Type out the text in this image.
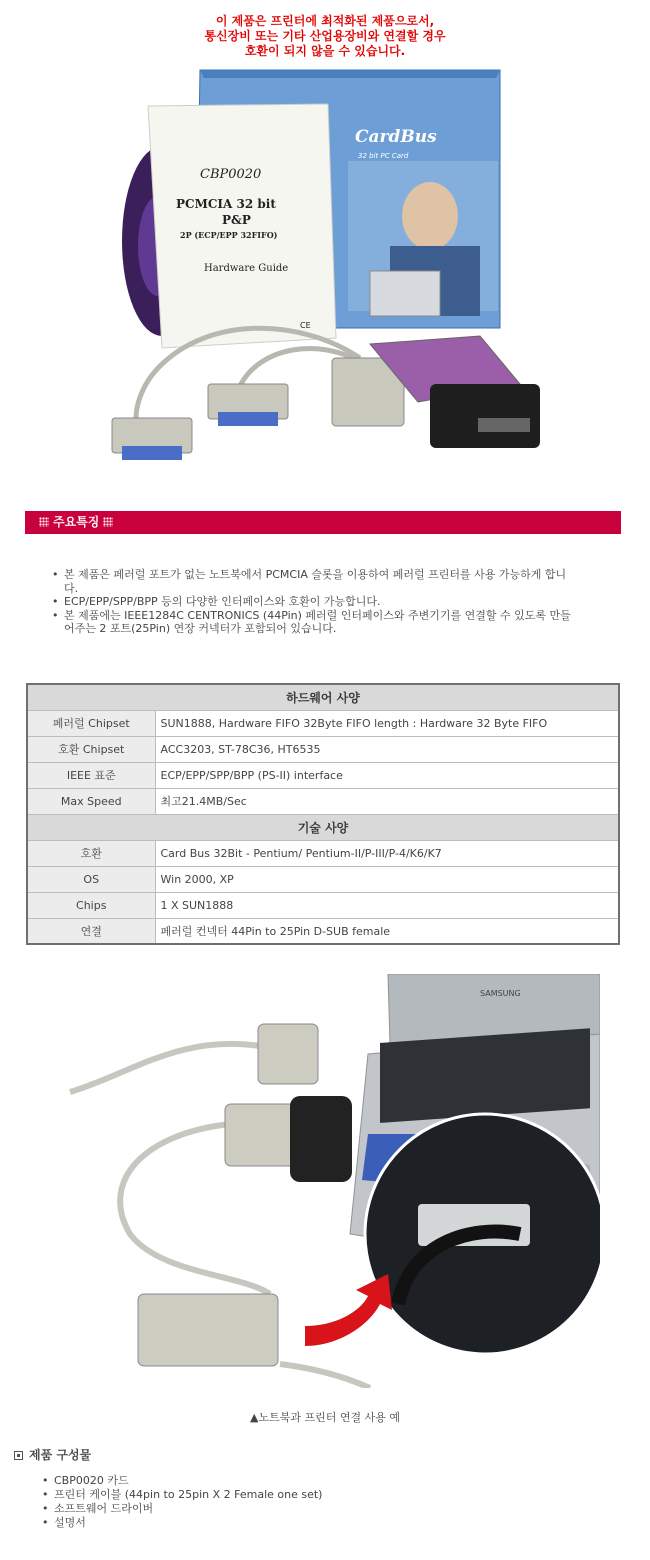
이 제품은 프린터에 최적화된 제품으로서,
통신장비 또는 기타 산업용장비와 연결할 경우
호환이 되지 않을 수 있습니다.
CardBus
32 bit PC Card
CBP0020
PCMCIA 32 bit
P&P
2P (ECP/EPP 32FIFO)
Hardware Guide
CE
주요특징
• 본 제품은 페러럴 포트가 없는 노트북에서 PCMCIA 슬롯을 이용하여 페러럴 프린터를 사용 가능하게 합니다.
• ECP/EPP/SPP/BPP 등의 다양한 인터페이스와 호환이 가능합니다.
• 본 제품에는 IEEE1284C CENTRONICS (44Pin) 페러럴 인터페이스와 주변기기를 연결할 수 있도록 만들어주는 2 포트(25Pin) 연장 커넥터가 포함되어 있습니다.
하드웨어 사양	
페러럴 Chipset	SUN1888, Hardware FIFO 32Byte FIFO length : Hardware 32 Byte FIFO
호환 Chipset	ACC3203, ST-78C36, HT6535
IEEE 표준	ECP/EPP/SPP/BPP (PS-II) interface
Max Speed	최고21.4MB/Sec
기술 사양	
호환	Card Bus 32Bit - Pentium/ Pentium-II/P-III/P-4/K6/K7
OS	Win 2000, XP
Chips	1 X SUN1888
연결	페러럴 컨넥터 44Pin to 25Pin D-SUB female
SAMSUNG
▲노트북과 프린터 연결 사용 예
제품 구성물
• CBP0020 카드
• 프린터 케이블 (44pin to 25pin X 2 Female one set)
• 소프트웨어 드라이버
• 설명서
